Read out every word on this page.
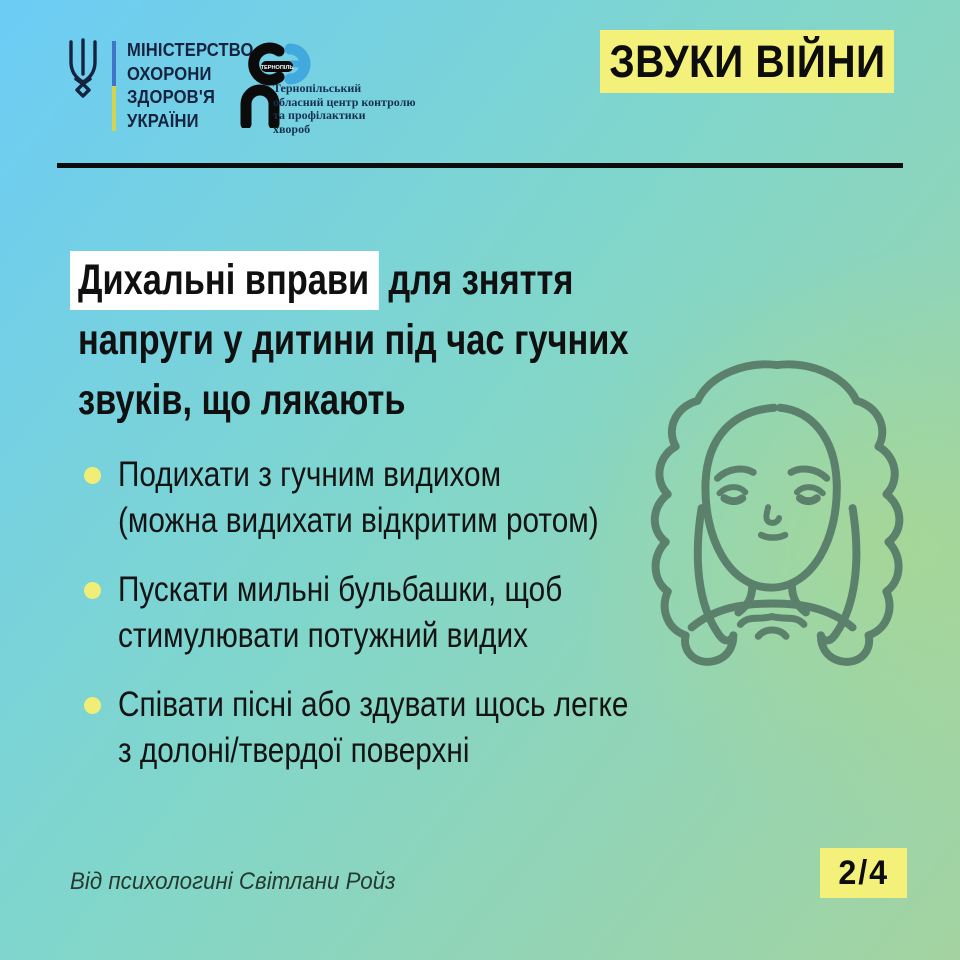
МІНІСТЕРСТВО
ОХОРОНИ
ЗДОРОВ'Я
УКРАЇНИ
ТЕРНОПІЛЬ
Тернопільський
обласний центр контролю
та профілактики
хвороб
ЗВУКИ ВІЙНИ
Дихальні вправи для зняття
напруги у дитини під час гучних
звуків, що лякають
Подихати з гучним видихом
(можна видихати відкритим ротом)
Пускати мильні бульбашки, щоб
стимулювати потужний видих
Співати пісні або здувати щось легке
з долоні/твердої поверхні
Від психологині Світлани Ройз	2/4
